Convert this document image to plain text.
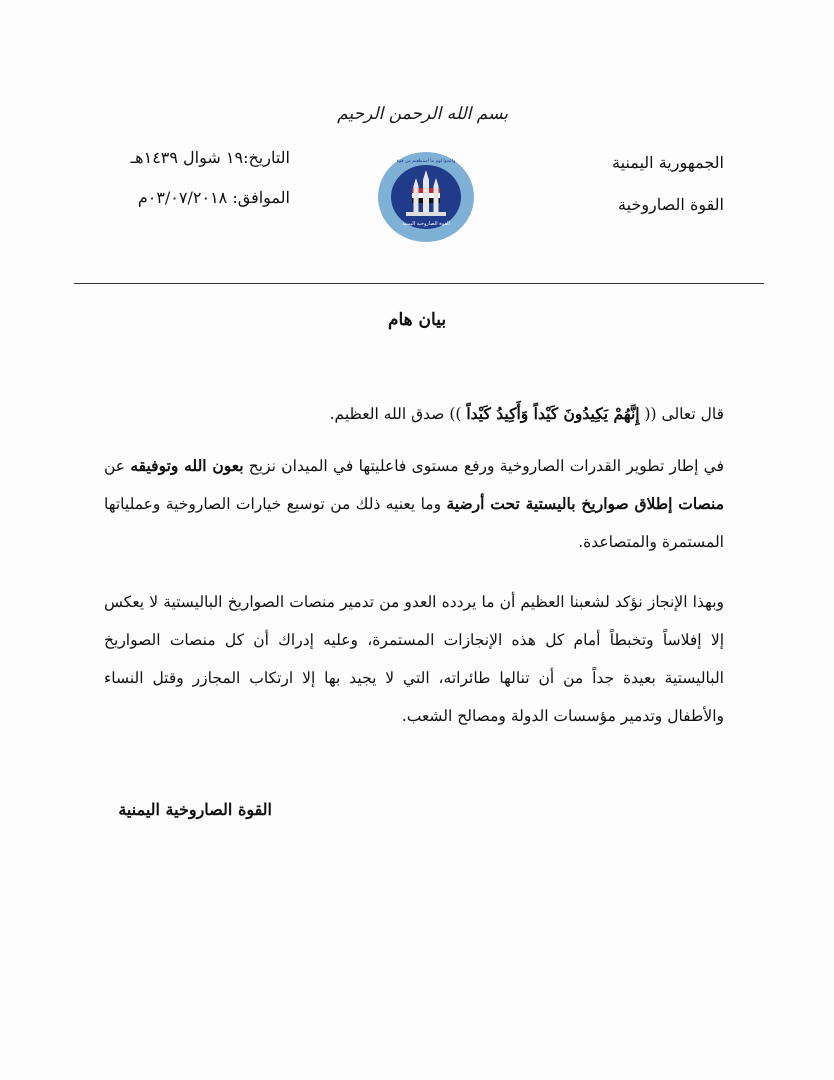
بسم الله الرحمن الرحيم
الجمهورية اليمنية
القوة الصاروخية
التاريخ:١٩ شوال ١٤٣٩هـ
الموافق: ٠٣/٠٧/٢٠١٨م
القوة الصاروخية اليمنية
واعدوا لهم ما استطعتم من قوة
بيان هام

قال تعالى (( إِنَّهُمْ يَكِيدُونَ كَيْداً وَأَكِيدُ كَيْداً )) صدق الله العظيم.

في إطار تطوير القدرات الصاروخية ورفع مستوى فاعليتها في الميدان نزيح بعون الله وتوفيقه عن منصات إطلاق صواريخ باليستية تحت أرضية وما يعنيه ذلك من توسيع خيارات الصاروخية وعملياتها المستمرة والمتصاعدة.

وبهذا الإنجاز نؤكد لشعبنا العظيم أن ما يردده العدو من تدمير منصات الصواريخ الباليستية لا يعكس إلا إفلاساً وتخبطاً أمام كل هذه الإنجازات المستمرة، وعليه إدراك أن كل منصات الصواريخ الباليستية بعيدة جداً من أن تنالها طائراته، التي لا يجيد بها إلا ارتكاب المجازر وقتل النساء والأطفال وتدمير مؤسسات الدولة ومصالح الشعب.

القوة الصاروخية اليمنية
